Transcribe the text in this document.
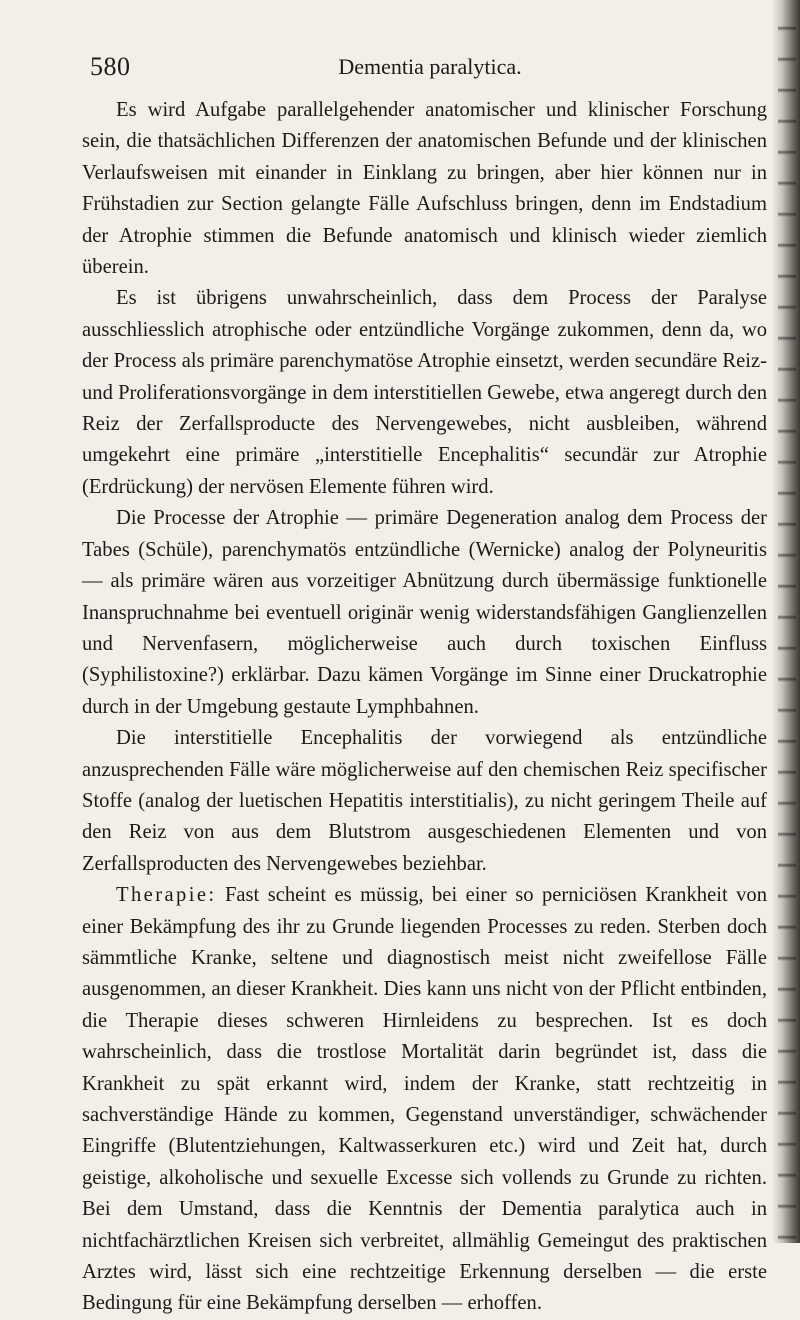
580	Dementia paralytica.

Es wird Aufgabe parallelgehender anatomischer und klinischer Forschung sein, die thatsächlichen Differenzen der anatomischen Befunde und der klinischen Verlaufsweisen mit einander in Einklang zu bringen, aber hier können nur in Frühstadien zur Section gelangte Fälle Aufschluss bringen, denn im Endstadium der Atrophie stimmen die Befunde anatomisch und klinisch wieder ziemlich überein.

Es ist übrigens unwahrscheinlich, dass dem Process der Paralyse ausschliesslich atrophische oder entzündliche Vorgänge zukommen, denn da, wo der Process als primäre parenchymatöse Atrophie einsetzt, werden secundäre Reiz- und Proliferationsvorgänge in dem interstitiellen Gewebe, etwa angeregt durch den Reiz der Zerfallsproducte des Nervengewebes, nicht ausbleiben, während umgekehrt eine primäre „interstitielle Encephalitis“ secundär zur Atrophie (Erdrückung) der nervösen Elemente führen wird.

Die Processe der Atrophie — primäre Degeneration analog dem Process der Tabes (Schüle), parenchymatös entzündliche (Wernicke) analog der Polyneuritis — als primäre wären aus vorzeitiger Abnützung durch übermässige funktionelle Inanspruchnahme bei eventuell originär wenig widerstandsfähigen Ganglienzellen und Nervenfasern, möglicherweise auch durch toxischen Einfluss (Syphilistoxine?) erklärbar. Dazu kämen Vorgänge im Sinne einer Druckatrophie durch in der Umgebung gestaute Lymphbahnen.

Die interstitielle Encephalitis der vorwiegend als entzündliche anzusprechenden Fälle wäre möglicherweise auf den chemischen Reiz specifischer Stoffe (analog der luetischen Hepatitis interstitialis), zu nicht geringem Theile auf den Reiz von aus dem Blutstrom ausgeschiedenen Elementen und von Zerfallsproducten des Nervengewebes beziehbar.

Therapie: Fast scheint es müssig, bei einer so perniciösen Krankheit von einer Bekämpfung des ihr zu Grunde liegenden Processes zu reden. Sterben doch sämmtliche Kranke, seltene und diagnostisch meist nicht zweifellose Fälle ausgenommen, an dieser Krankheit. Dies kann uns nicht von der Pflicht entbinden, die Therapie dieses schweren Hirnleidens zu besprechen. Ist es doch wahrscheinlich, dass die trostlose Mortalität darin begründet ist, dass die Krankheit zu spät erkannt wird, indem der Kranke, statt rechtzeitig in sachverständige Hände zu kommen, Gegenstand unverständiger, schwächender Eingriffe (Blutentziehungen, Kaltwasserkuren etc.) wird und Zeit hat, durch geistige, alkoholische und sexuelle Excesse sich vollends zu Grunde zu richten. Bei dem Umstand, dass die Kenntnis der Dementia paralytica auch in nichtfachärztlichen Kreisen sich verbreitet, allmählig Gemeingut des praktischen Arztes wird, lässt sich eine rechtzeitige Erkennung derselben — die erste Bedingung für eine Bekämpfung derselben — erhoffen.
